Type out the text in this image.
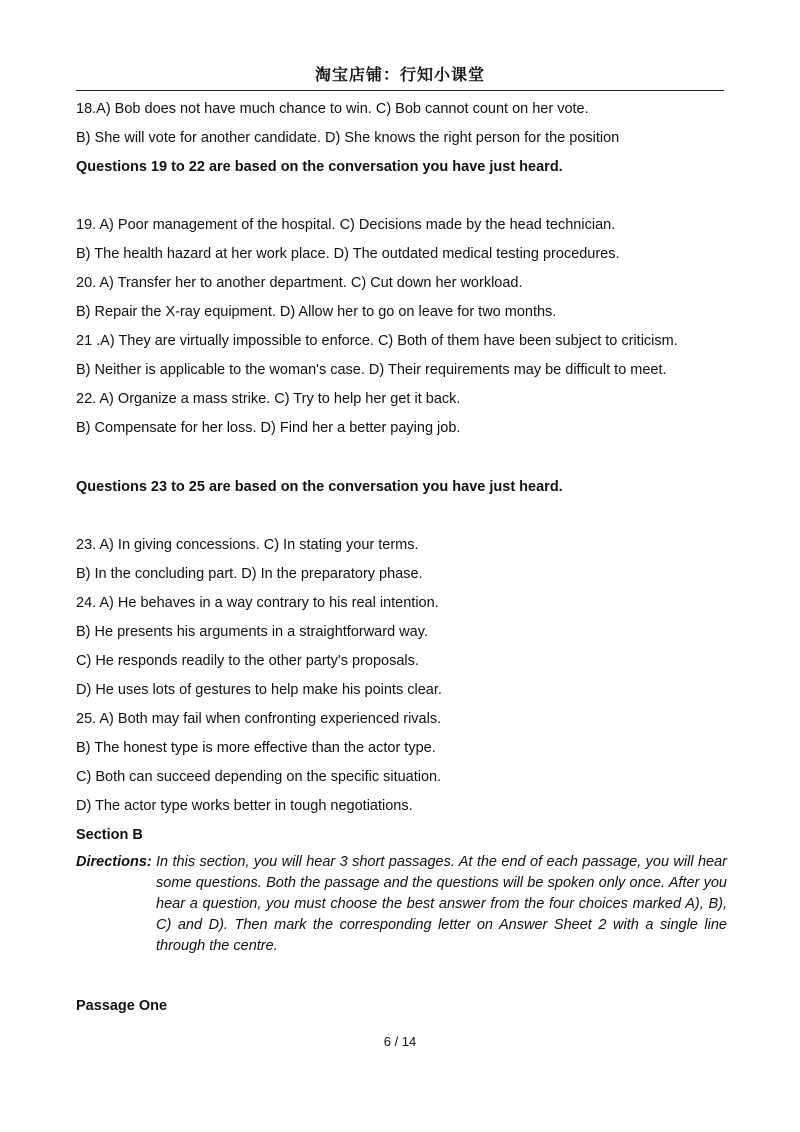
淘宝店铺：行知小课堂
18.A) Bob does not have much chance to win. C) Bob cannot count on her vote.
B) She will vote for another candidate. D) She knows the right person for the position
Questions 19 to 22 are based on the conversation you have just heard.
19. A) Poor management of the hospital. C) Decisions made by the head technician.
B) The health hazard at her work place. D) The outdated medical testing procedures.
20. A) Transfer her to another department. C) Cut down her workload.
B) Repair the X-ray equipment. D) Allow her to go on leave for two months.
21 .A) They are virtually impossible to enforce. C) Both of them have been subject to criticism.
B) Neither is applicable to the woman's case. D) Their requirements may be difficult to meet.
22. A) Organize a mass strike. C) Try to help her get it back.
B) Compensate for her loss. D) Find her a better paying job.
Questions 23 to 25 are based on the conversation you have just heard.
23. A) In giving concessions. C) In stating your terms.
B) In the concluding part. D) In the preparatory phase.
24. A) He behaves in a way contrary to his real intention.
B) He presents his arguments in a straightforward way.
C) He responds readily to the other party's proposals.
D) He uses lots of gestures to help make his points clear.
25. A) Both may fail when confronting experienced rivals.
B) The honest type is more effective than the actor type.
C) Both can succeed depending on the specific situation.
D) The actor type works better in tough negotiations.
Section B
Directions: In this section, you will hear 3 short passages. At the end of each passage, you will hear some questions. Both the passage and the questions will be spoken only once. After you hear a question, you must choose the best answer from the four choices marked A), B), C) and D). Then mark the corresponding letter on Answer Sheet 2 with a single line through the centre.
Passage One
6 / 14
